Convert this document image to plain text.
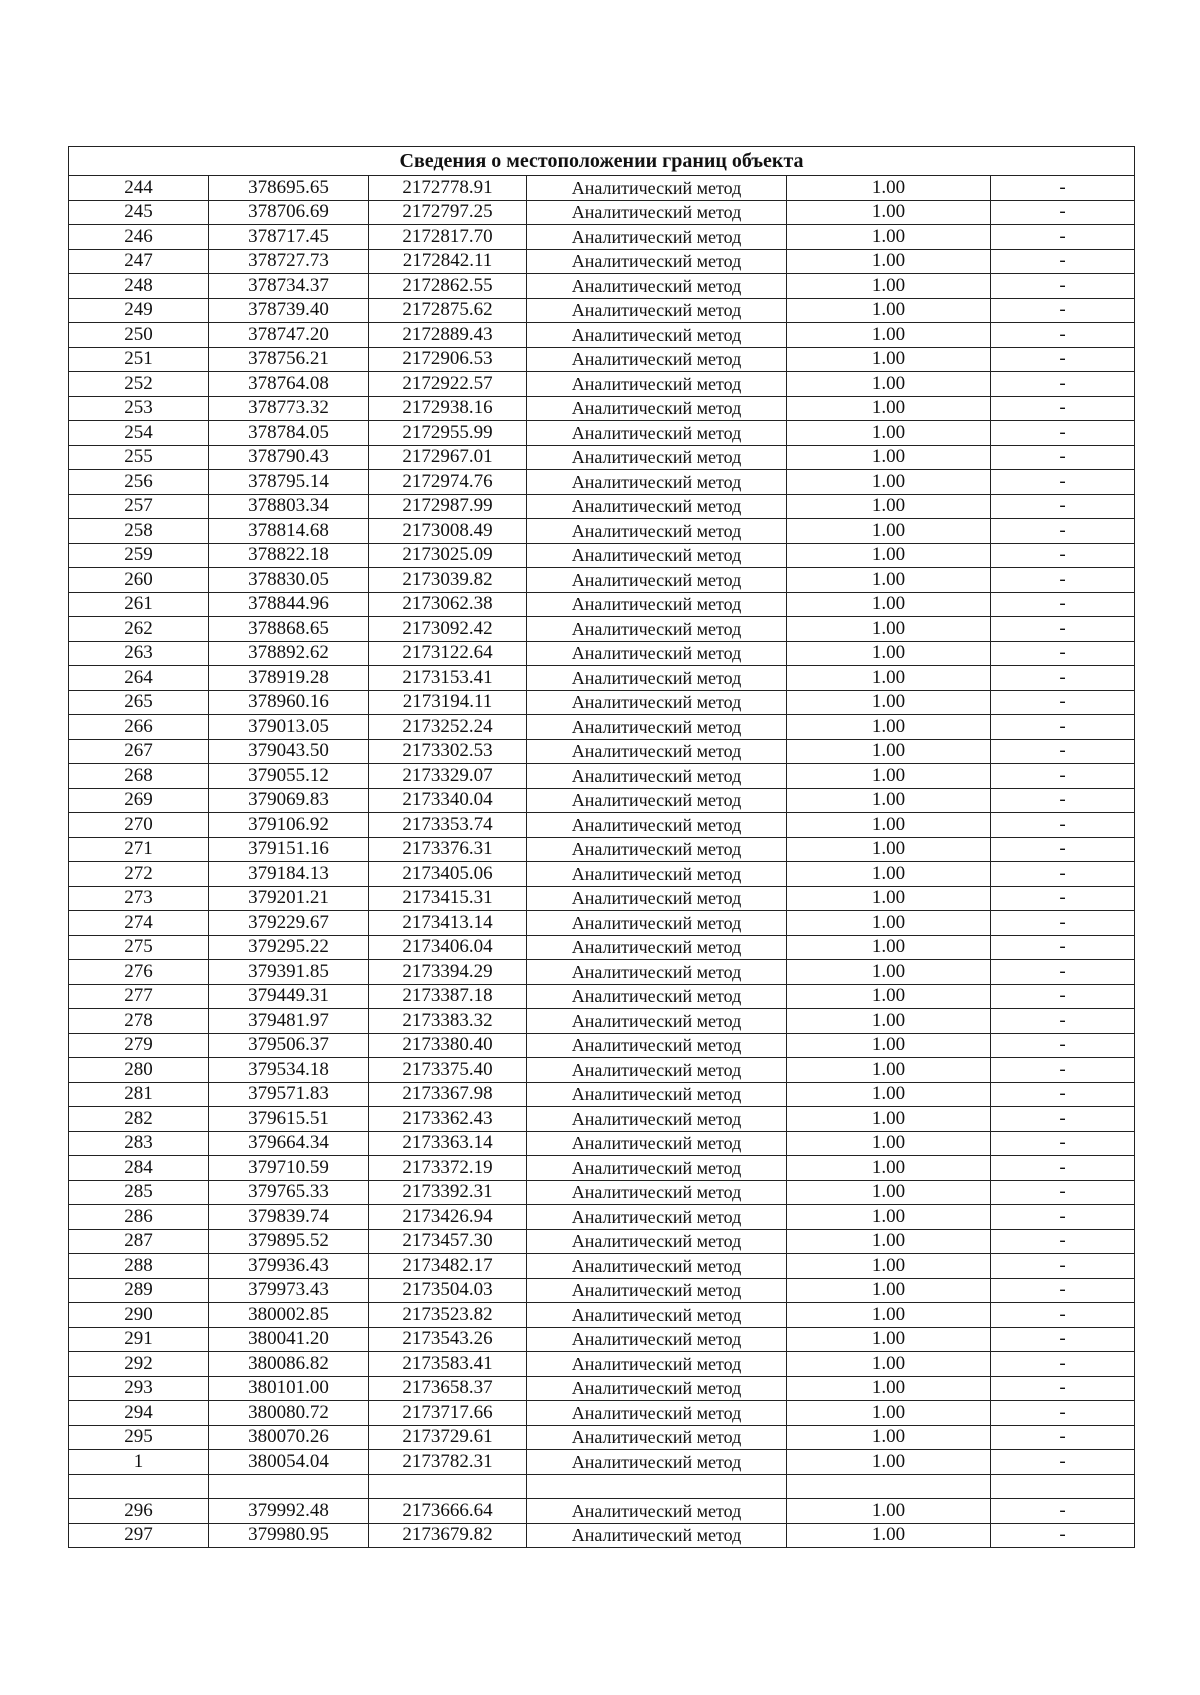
Сведения о местоположении границ объекта					
244	378695.65	2172778.91	Аналитический метод	1.00	-
245	378706.69	2172797.25	Аналитический метод	1.00	-
246	378717.45	2172817.70	Аналитический метод	1.00	-
247	378727.73	2172842.11	Аналитический метод	1.00	-
248	378734.37	2172862.55	Аналитический метод	1.00	-
249	378739.40	2172875.62	Аналитический метод	1.00	-
250	378747.20	2172889.43	Аналитический метод	1.00	-
251	378756.21	2172906.53	Аналитический метод	1.00	-
252	378764.08	2172922.57	Аналитический метод	1.00	-
253	378773.32	2172938.16	Аналитический метод	1.00	-
254	378784.05	2172955.99	Аналитический метод	1.00	-
255	378790.43	2172967.01	Аналитический метод	1.00	-
256	378795.14	2172974.76	Аналитический метод	1.00	-
257	378803.34	2172987.99	Аналитический метод	1.00	-
258	378814.68	2173008.49	Аналитический метод	1.00	-
259	378822.18	2173025.09	Аналитический метод	1.00	-
260	378830.05	2173039.82	Аналитический метод	1.00	-
261	378844.96	2173062.38	Аналитический метод	1.00	-
262	378868.65	2173092.42	Аналитический метод	1.00	-
263	378892.62	2173122.64	Аналитический метод	1.00	-
264	378919.28	2173153.41	Аналитический метод	1.00	-
265	378960.16	2173194.11	Аналитический метод	1.00	-
266	379013.05	2173252.24	Аналитический метод	1.00	-
267	379043.50	2173302.53	Аналитический метод	1.00	-
268	379055.12	2173329.07	Аналитический метод	1.00	-
269	379069.83	2173340.04	Аналитический метод	1.00	-
270	379106.92	2173353.74	Аналитический метод	1.00	-
271	379151.16	2173376.31	Аналитический метод	1.00	-
272	379184.13	2173405.06	Аналитический метод	1.00	-
273	379201.21	2173415.31	Аналитический метод	1.00	-
274	379229.67	2173413.14	Аналитический метод	1.00	-
275	379295.22	2173406.04	Аналитический метод	1.00	-
276	379391.85	2173394.29	Аналитический метод	1.00	-
277	379449.31	2173387.18	Аналитический метод	1.00	-
278	379481.97	2173383.32	Аналитический метод	1.00	-
279	379506.37	2173380.40	Аналитический метод	1.00	-
280	379534.18	2173375.40	Аналитический метод	1.00	-
281	379571.83	2173367.98	Аналитический метод	1.00	-
282	379615.51	2173362.43	Аналитический метод	1.00	-
283	379664.34	2173363.14	Аналитический метод	1.00	-
284	379710.59	2173372.19	Аналитический метод	1.00	-
285	379765.33	2173392.31	Аналитический метод	1.00	-
286	379839.74	2173426.94	Аналитический метод	1.00	-
287	379895.52	2173457.30	Аналитический метод	1.00	-
288	379936.43	2173482.17	Аналитический метод	1.00	-
289	379973.43	2173504.03	Аналитический метод	1.00	-
290	380002.85	2173523.82	Аналитический метод	1.00	-
291	380041.20	2173543.26	Аналитический метод	1.00	-
292	380086.82	2173583.41	Аналитический метод	1.00	-
293	380101.00	2173658.37	Аналитический метод	1.00	-
294	380080.72	2173717.66	Аналитический метод	1.00	-
295	380070.26	2173729.61	Аналитический метод	1.00	-
1	380054.04	2173782.31	Аналитический метод	1.00	-

296	379992.48	2173666.64	Аналитический метод	1.00	-
297	379980.95	2173679.82	Аналитический метод	1.00	-
